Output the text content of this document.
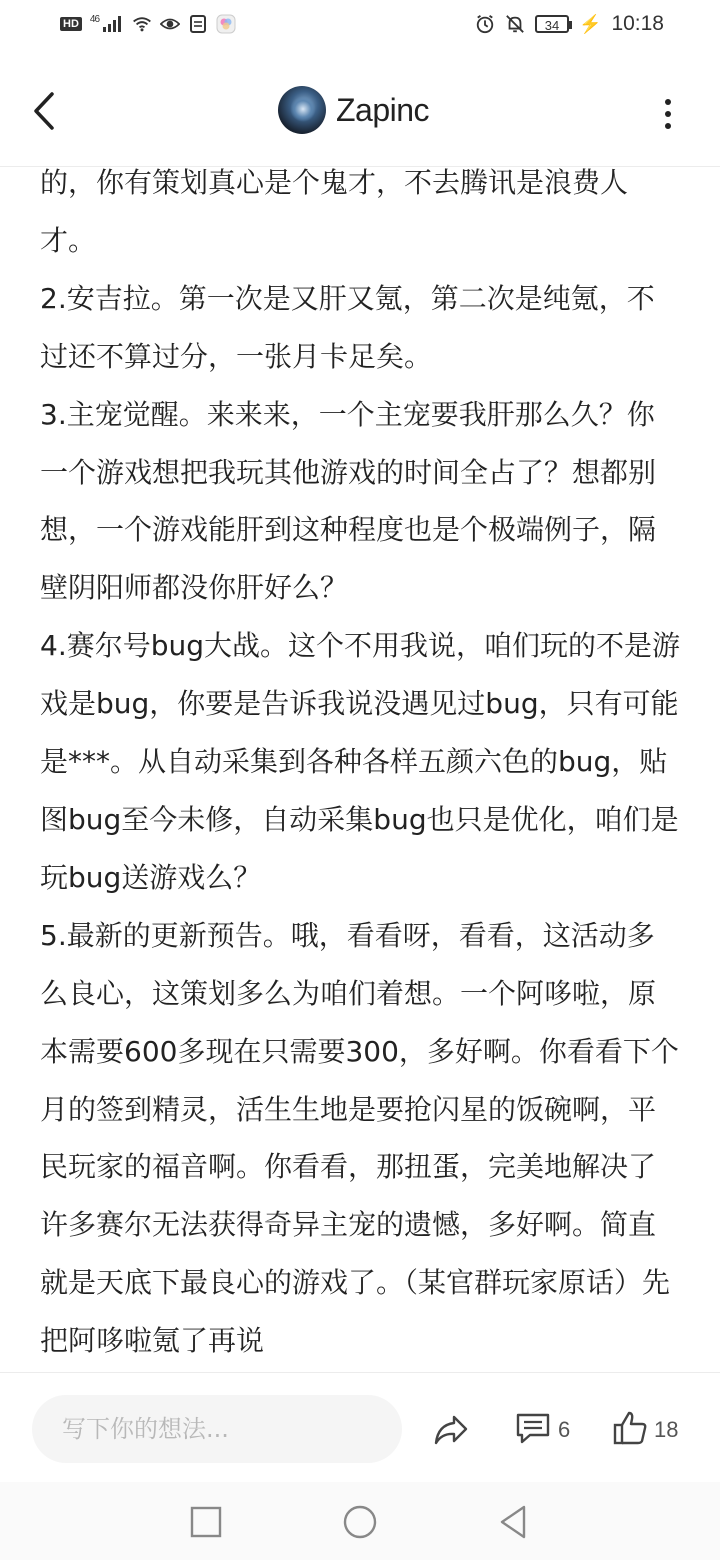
HD	$^{46}$	34	⚡ 10:18
Zapinc

的，你有策划真心是个鬼才，不去腾讯是浪费人才。

2.安吉拉。第一次是又肝又氪，第二次是纯氪，不过还不算过分，一张月卡足矣。

3.主宠觉醒。来来来，一个主宠要我肝那么久？你一个游戏想把我玩其他游戏的时间全占了？想都别想，一个游戏能肝到这种程度也是个极端例子，隔壁阴阳师都没你肝好么？

4.赛尔号bug大战。这个不用我说，咱们玩的不是游戏是bug，你要是告诉我说没遇见过bug，只有可能是***。从自动采集到各种各样五颜六色的bug，贴图bug至今未修，自动采集bug也只是优化，咱们是玩bug送游戏么？

5.最新的更新预告。哦，看看呀，看看，这活动多么良心，这策划多么为咱们着想。一个阿哆啦，原本需要600多现在只需要300，多好啊。你看看下个月的签到精灵，活生生地是要抢闪星的饭碗啊，平民玩家的福音啊。你看看，那扭蛋，完美地解决了许多赛尔无法获得奇异主宠的遗憾，多好啊。简直就是天底下最良心的游戏了。（某官群玩家原话）先把阿哆啦氪了再说

写下你的想法...	6	18
